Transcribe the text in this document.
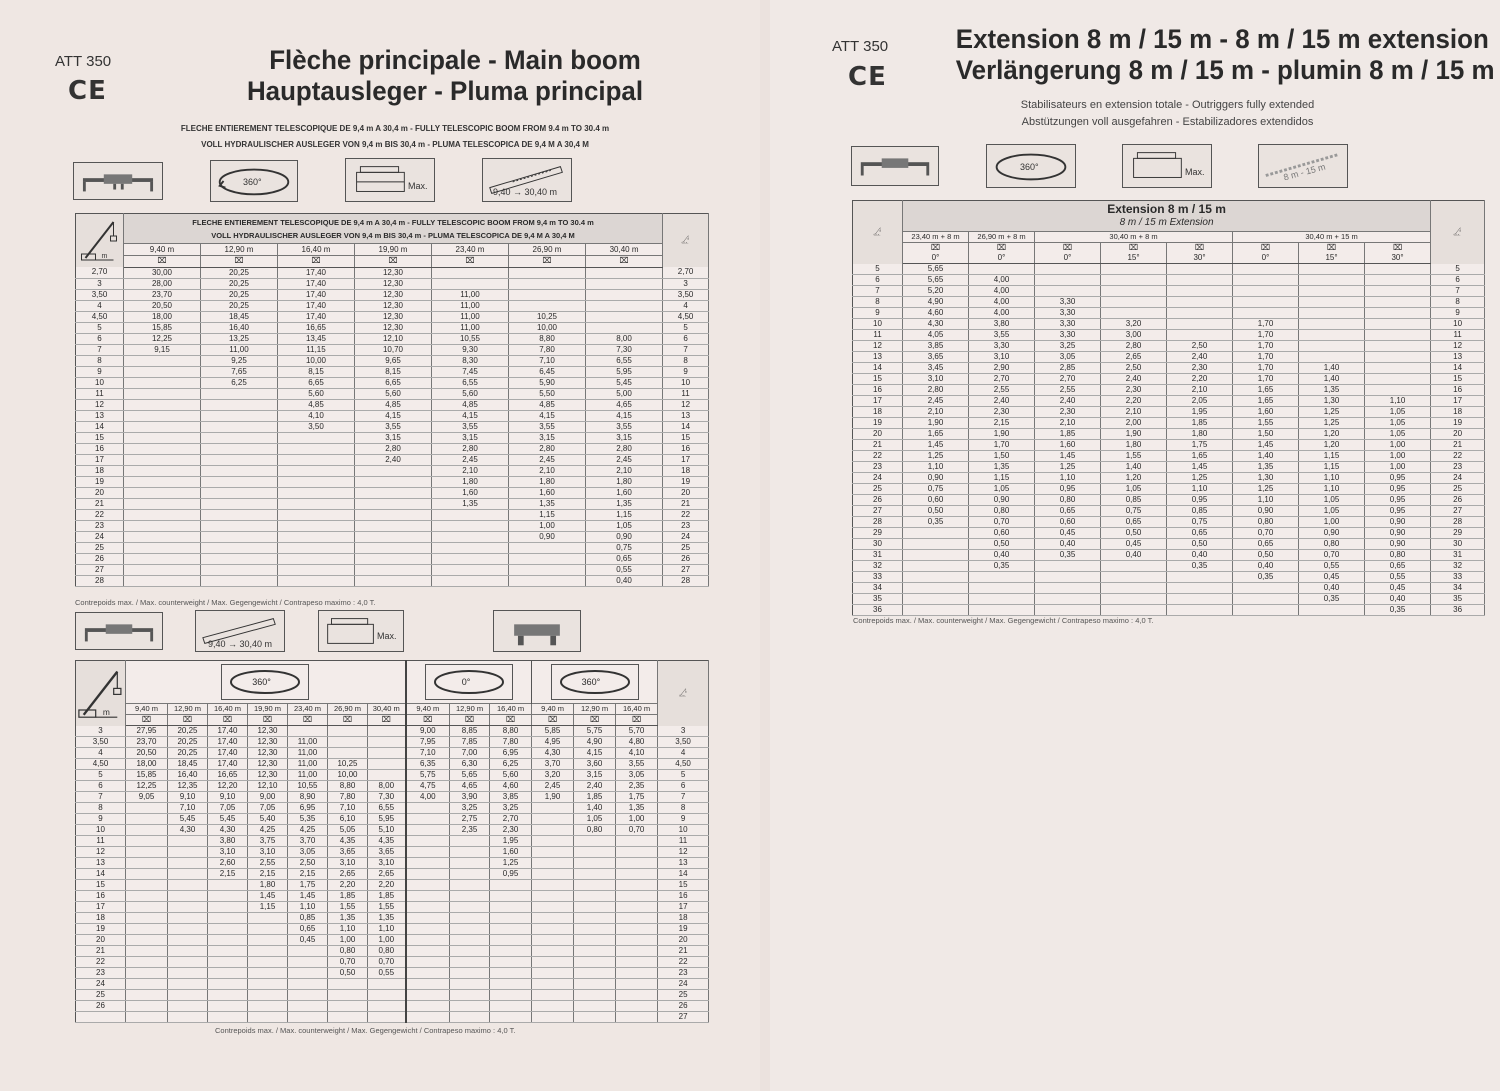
ATT 350
CE
Flèche principale - Main boom
Hauptausleger - Pluma principal
FLECHE ENTIEREMENT TELESCOPIQUE DE 9,4 m A 30,4 m - FULLY TELESCOPIC BOOM FROM 9.4 m TO 30.4 m
VOLL HYDRAULISCHER AUSLEGER VON 9,4 m BIS 30,4 m - PLUMA TELESCOPICA DE 9,4 M A 30,4 M
360°	Max.
9,40 → 30,40 m
m	FLECHE ENTIEREMENT TELESCOPIQUE DE 9,4 m A 30,4 m - FULLY TELESCOPIC BOOM FROM 9,4 m TO 30.4 m
VOLL HYDRAULISCHER AUSLEGER VON 9,4 m BIS 30,4 m - PLUMA TELESCOPICA DE 9,4 M A 30,4 M							m

	9,40 m	12,90 m	16,40 m	19,90 m	23,40 m	26,90 m	30,40 m	
	⌧	⌧	⌧	⌧	⌧	⌧	⌧	
2,70	30,00	20,25	17,40	12,30				2,70
3	28,00	20,25	17,40	12,30				3
3,50	23,70	20,25	17,40	12,30	11,00			3,50
4	20,50	20,25	17,40	12,30	11,00			4
4,50	18,00	18,45	17,40	12,30	11,00	10,25		4,50
5	15,85	16,40	16,65	12,30	11,00	10,00		5
6	12,25	13,25	13,45	12,10	10,55	8,80	8,00	6
7	9,15	11,00	11,15	10,70	9,30	7,80	7,30	7
8		9,25	10,00	9,65	8,30	7,10	6,55	8
9		7,65	8,15	8,15	7,45	6,45	5,95	9
10		6,25	6,65	6,65	6,55	5,90	5,45	10
11			5,60	5,60	5,60	5,50	5,00	11
12			4,85	4,85	4,85	4,85	4,65	12
13			4,10	4,15	4,15	4,15	4,15	13
14			3,50	3,55	3,55	3,55	3,55	14
15				3,15	3,15	3,15	3,15	15
16				2,80	2,80	2,80	2,80	16
17				2,40	2,45	2,45	2,45	17
18					2,10	2,10	2,10	18
19					1,80	1,80	1,80	19
20					1,60	1,60	1,60	20
21					1,35	1,35	1,35	21
22						1,15	1,15	22
23						1,00	1,05	23
24						0,90	0,90	24
25							0,75	25
26							0,65	26
27							0,55	27
28							0,40	28
Contrepoids max. / Max. counterweight / Max. Gegengewicht / Contrapeso maximo : 4,0 T.
9,40 → 30,40 m
Max.
m	360°							0°			360°			m

	9,40 m	12,90 m	16,40 m	19,90 m	23,40 m	26,90 m	30,40 m	9,40 m	12,90 m	16,40 m	9,40 m	12,90 m	16,40 m	
	⌧	⌧	⌧	⌧	⌧	⌧	⌧	⌧	⌧	⌧	⌧	⌧	⌧	
3	27,95	20,25	17,40	12,30				9,00	8,85	8,80	5,85	5,75	5,70	3
3,50	23,70	20,25	17,40	12,30	11,00			7,95	7,85	7,80	4,95	4,90	4,80	3,50
4	20,50	20,25	17,40	12,30	11,00			7,10	7,00	6,95	4,30	4,15	4,10	4
4,50	18,00	18,45	17,40	12,30	11,00	10,25		6,35	6,30	6,25	3,70	3,60	3,55	4,50
5	15,85	16,40	16,65	12,30	11,00	10,00		5,75	5,65	5,60	3,20	3,15	3,05	5
6	12,25	12,35	12,20	12,10	10,55	8,80	8,00	4,75	4,65	4,60	2,45	2,40	2,35	6
7	9,05	9,10	9,10	9,00	8,90	7,80	7,30	4,00	3,90	3,85	1,90	1,85	1,75	7
8		7,10	7,05	7,05	6,95	7,10	6,55		3,25	3,25		1,40	1,35	8
9		5,45	5,45	5,40	5,35	6,10	5,95		2,75	2,70		1,05	1,00	9
10		4,30	4,30	4,25	4,25	5,05	5,10		2,35	2,30		0,80	0,70	10
11			3,80	3,75	3,70	4,35	4,35			1,95				11
12			3,10	3,10	3,05	3,65	3,65			1,60				12
13			2,60	2,55	2,50	3,10	3,10			1,25				13
14			2,15	2,15	2,15	2,65	2,65			0,95				14
15				1,80	1,75	2,20	2,20							15
16				1,45	1,45	1,85	1,85							16
17				1,15	1,10	1,55	1,55							17
18					0,85	1,35	1,35							18
19					0,65	1,10	1,10							19
20					0,45	1,00	1,00							20
21						0,80	0,80							21
22						0,70	0,70							22
23						0,50	0,55							23
24														24
25														25
26														26
														27
Contrepoids max. / Max. counterweight / Max. Gegengewicht / Contrapeso maximo : 4,0 T.
ATT 350
CE
Extension 8 m / 15 m - 8 m / 15 m extension
Verlängerung 8 m / 15 m - plumin 8 m / 15 m
Stabilisateurs en extension totale - Outriggers fully extended
Abstützungen voll ausgefahren - Estabilizadores extendidos
360°	Max.	8 m - 15 m
m	Extension 8 m / 15 m
8 m / 15 m Extension								m

	23,40 m + 8 m	26,90 m + 8 m	30,40 m + 8 m			30,40 m + 15 m			
	⌧	⌧	⌧	⌧	⌧	⌧	⌧	⌧	
	0°	0°	0°	15°	30°	0°	15°	30°	
5	5,65								5
6	5,65	4,00							6
7	5,20	4,00							7
8	4,90	4,00	3,30						8
9	4,60	4,00	3,30						9
10	4,30	3,80	3,30	3,20		1,70			10
11	4,05	3,55	3,30	3,00		1,70			11
12	3,85	3,30	3,25	2,80	2,50	1,70			12
13	3,65	3,10	3,05	2,65	2,40	1,70			13
14	3,45	2,90	2,85	2,50	2,30	1,70	1,40		14
15	3,10	2,70	2,70	2,40	2,20	1,70	1,40		15
16	2,80	2,55	2,55	2,30	2,10	1,65	1,35		16
17	2,45	2,40	2,40	2,20	2,05	1,65	1,30	1,10	17
18	2,10	2,30	2,30	2,10	1,95	1,60	1,25	1,05	18
19	1,90	2,15	2,10	2,00	1,85	1,55	1,25	1,05	19
20	1,65	1,90	1,85	1,90	1,80	1,50	1,20	1,05	20
21	1,45	1,70	1,60	1,80	1,75	1,45	1,20	1,00	21
22	1,25	1,50	1,45	1,55	1,65	1,40	1,15	1,00	22
23	1,10	1,35	1,25	1,40	1,45	1,35	1,15	1,00	23
24	0,90	1,15	1,10	1,20	1,25	1,30	1,10	0,95	24
25	0,75	1,05	0,95	1,05	1,10	1,25	1,10	0,95	25
26	0,60	0,90	0,80	0,85	0,95	1,10	1,05	0,95	26
27	0,50	0,80	0,65	0,75	0,85	0,90	1,05	0,95	27
28	0,35	0,70	0,60	0,65	0,75	0,80	1,00	0,90	28
29		0,60	0,45	0,50	0,65	0,70	0,90	0,90	29
30		0,50	0,40	0,45	0,50	0,65	0,80	0,90	30
31		0,40	0,35	0,40	0,40	0,50	0,70	0,80	31
32		0,35			0,35	0,40	0,55	0,65	32
33						0,35	0,45	0,55	33
34							0,40	0,45	34
35							0,35	0,40	35
36								0,35	36
Contrepoids max. / Max. counterweight / Max. Gegengewicht / Contrapeso maximo : 4,0 T.
